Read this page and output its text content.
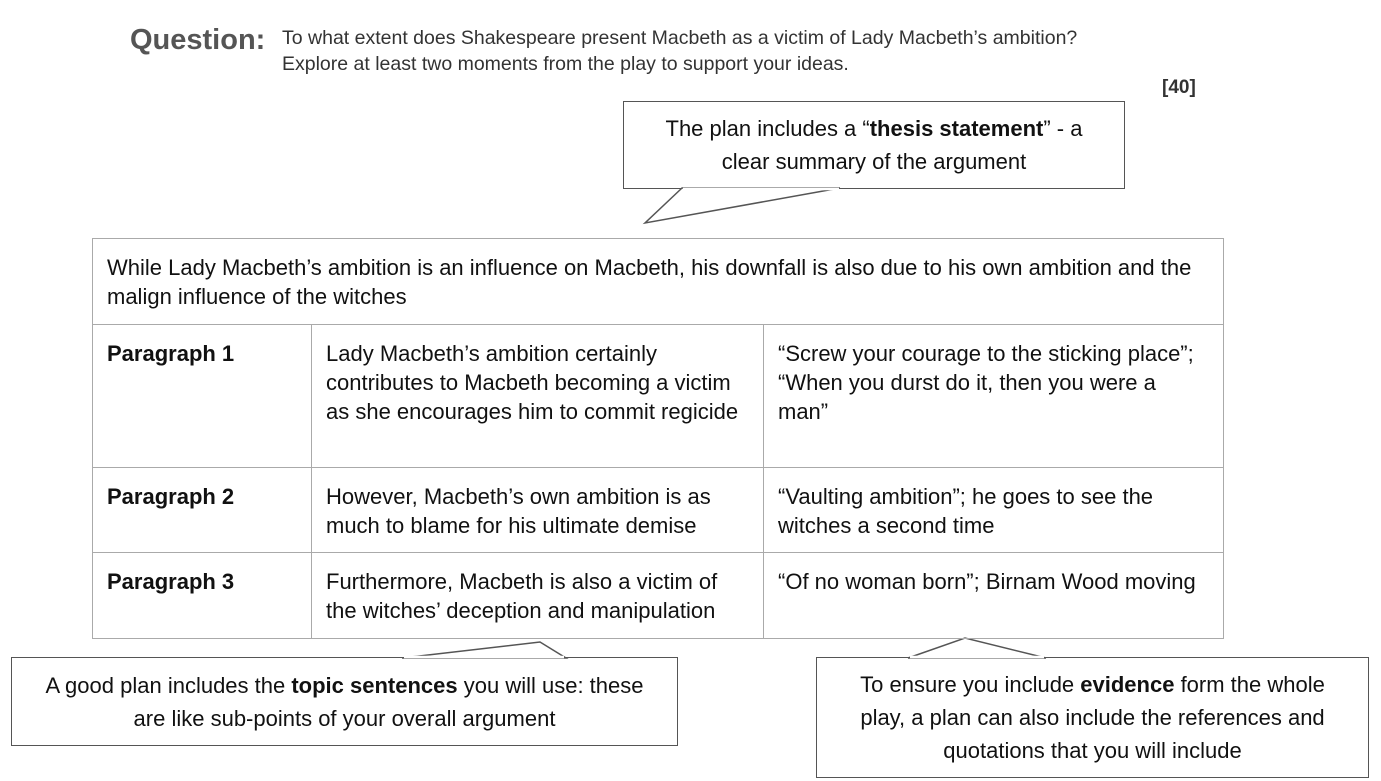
Question: To what extent does Shakespeare present Macbeth as a victim of Lady Macbeth’s ambition?
Explore at least two moments from the play to support your ideas.
[40]
The plan includes a “thesis statement” - a clear summary of the argument
A good plan includes the topic sentences you will use: these are like sub-points of your overall argument
To ensure you include evidence form the whole play, a plan can also include the references and quotations that you will include
While Lady Macbeth’s ambition is an influence on Macbeth, his downfall is also due to his own ambition and the malign influence of the witches		
Paragraph 1	Lady Macbeth’s ambition certainly contributes to Macbeth becoming a victim as she encourages him to commit regicide	“Screw your courage to the sticking place”; “When you durst do it, then you were a man”
Paragraph 2	However, Macbeth’s own ambition is as much to blame for his ultimate demise	“Vaulting ambition”; he goes to see the witches a second time
Paragraph 3	Furthermore, Macbeth is also a victim of the witches’ deception and manipulation	“Of no woman born”; Birnam Wood moving
